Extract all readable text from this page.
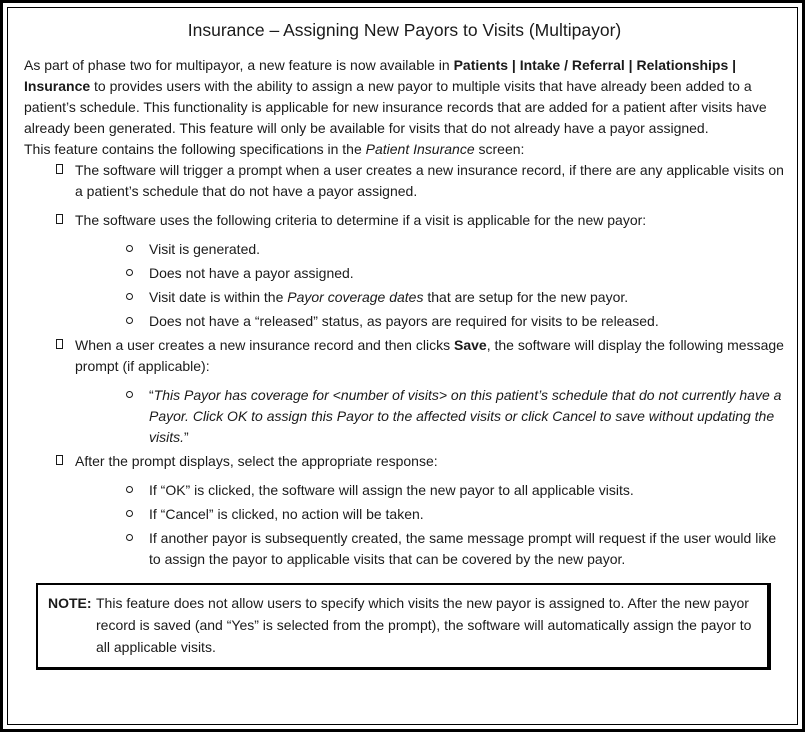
Insurance – Assigning New Payors to Visits (Multipayor)

As part of phase two for multipayor, a new feature is now available in Patients | Intake / Referral | Relationships | Insurance to provides users with the ability to assign a new payor to multiple visits that have already been added to a patient’s schedule. This functionality is applicable for new insurance records that are added for a patient after visits have already been generated. This feature will only be available for visits that do not already have a payor assigned.

This feature contains the following specifications in the Patient Insurance screen:

The software will trigger a prompt when a user creates a new insurance record, if there are any applicable visits on a patient’s schedule that do not have a payor assigned.
The software uses the following criteria to determine if a visit is applicable for the new payor:
Visit is generated.
Does not have a payor assigned.
Visit date is within the Payor coverage dates that are setup for the new payor.
Does not have a “released” status, as payors are required for visits to be released.
When a user creates a new insurance record and then clicks Save, the software will display the following message prompt (if applicable):
“This Payor has coverage for <number of visits> on this patient’s schedule that do not currently have a Payor. Click OK to assign this Payor to the affected visits or click Cancel to save without updating the visits.”
After the prompt displays, select the appropriate response:
If “OK” is clicked, the software will assign the new payor to all applicable visits.
If “Cancel” is clicked, no action will be taken.
If another payor is subsequently created, the same message prompt will request if the user would like to assign the payor to applicable visits that can be covered by the new payor.
NOTE: This feature does not allow users to specify which visits the new payor is assigned to. After the new payor record is saved (and “Yes” is selected from the prompt), the software will automatically assign the payor to all applicable visits.
